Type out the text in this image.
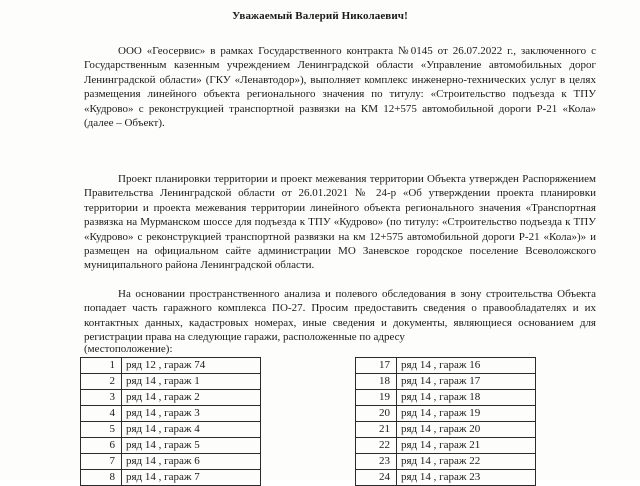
Уважаемый Валерий Николаевич!

ООО «Геосервис» в рамках Государственного контракта №0145 от 26.07.2022 г., заключенного с Государственным казенным учреждением Ленинградской области «Управление автомобильных дорог Ленинградской области» (ГКУ «Ленавтодор»), выполняет комплекс инженерно-технических услуг в целях размещения линейного объекта регионального значения по титулу: «Строительство подъезда к ТПУ «Кудрово» с реконструкцией транспортной развязки на КМ 12+575 автомобильной дороги Р-21 «Кола» (далее – Объект).

Проект планировки территории и проект межевания территории Объекта утвержден Распоряжением Правительства Ленинградской области от 26.01.2021 № 24-р «Об утверждении проекта планировки территории и проекта межевания территории линейного объекта регионального значения «Транспортная развязка на Мурманском шоссе для подъезда к ТПУ «Кудрово» (по титулу: «Строительство подъезда к ТПУ «Кудрово» с реконструкцией транспортной развязки на км 12+575 автомобильной дороги Р-21 «Кола»)» и размещен на официальном сайте администрации МО Заневское городское поселение Всеволожского муниципального района Ленинградской области.

На основании пространственного анализа и полевого обследования в зону строительства Объекта попадает часть гаражного комплекса ПО-27. Просим предоставить сведения о правообладателях и их контактных данных, кадастровых номерах, иные сведения и документы, являющиеся основанием для регистрации права на следующие гаражи, расположенные по адресу

(местоположение):
1	ряд 12 , гараж 74
2	ряд 14 , гараж 1
3	ряд 14 , гараж 2
4	ряд 14 , гараж 3
5	ряд 14 , гараж 4
6	ряд 14 , гараж 5
7	ряд 14 , гараж 6
8	ряд 14 , гараж 7
17	ряд 14 , гараж 16
18	ряд 14 , гараж 17
19	ряд 14 , гараж 18
20	ряд 14 , гараж 19
21	ряд 14 , гараж 20
22	ряд 14 , гараж 21
23	ряд 14 , гараж 22
24	ряд 14 , гараж 23
